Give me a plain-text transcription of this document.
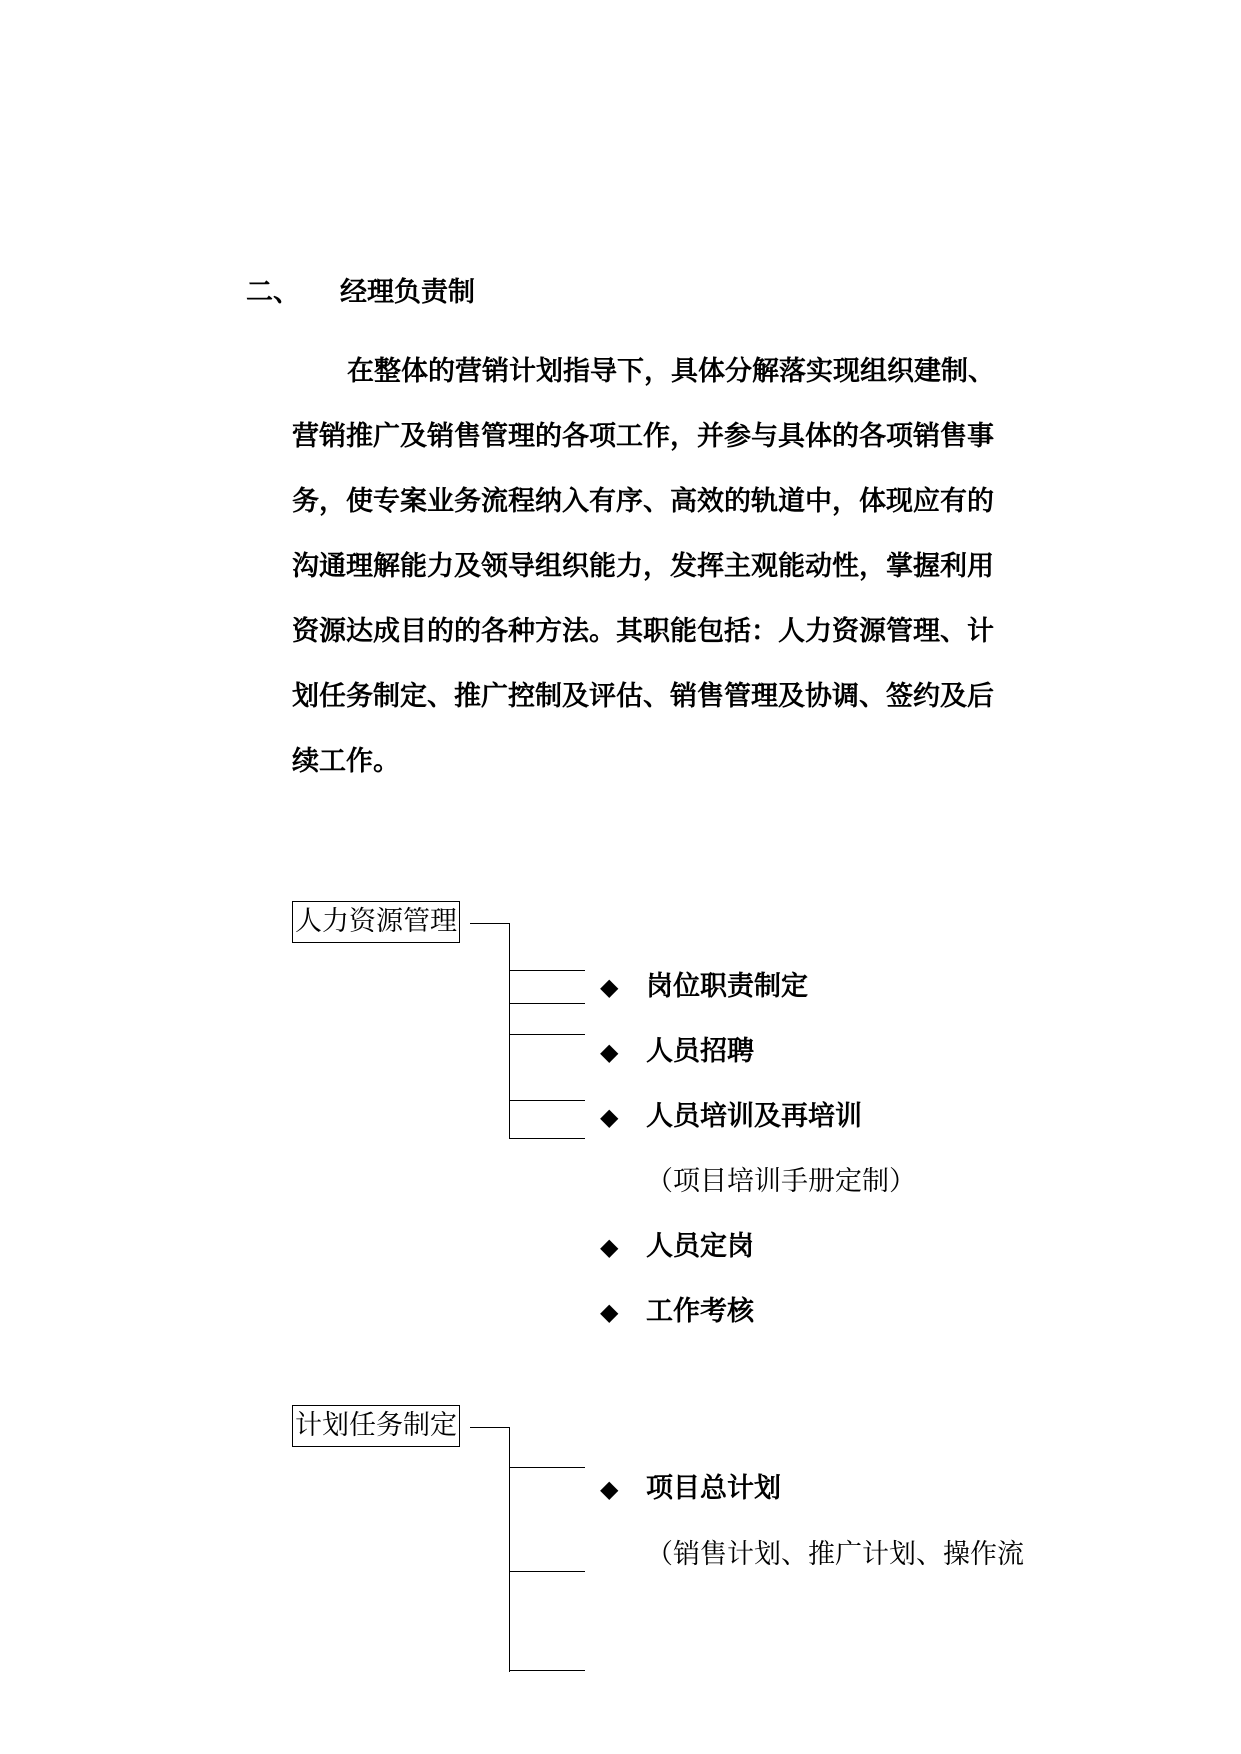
二、 经理负责制
在整体的营销计划指导下，具体分解落实现组织建制、
营销推广及销售管理的各项工作，并参与具体的各项销售事
务，使专案业务流程纳入有序、高效的轨道中，体现应有的
沟通理解能力及领导组织能力，发挥主观能动性，掌握利用
资源达成目的的各种方法。其职能包括：人力资源管理、计
划任务制定、推广控制及评估、销售管理及协调、签约及后
续工作。
人力资源管理
◆ 岗位职责制定
◆ 人员招聘
◆ 人员培训及再培训
（项目培训手册定制）
◆ 人员定岗
◆ 工作考核
计划任务制定
◆ 项目总计划
（销售计划、推广计划、操作流
